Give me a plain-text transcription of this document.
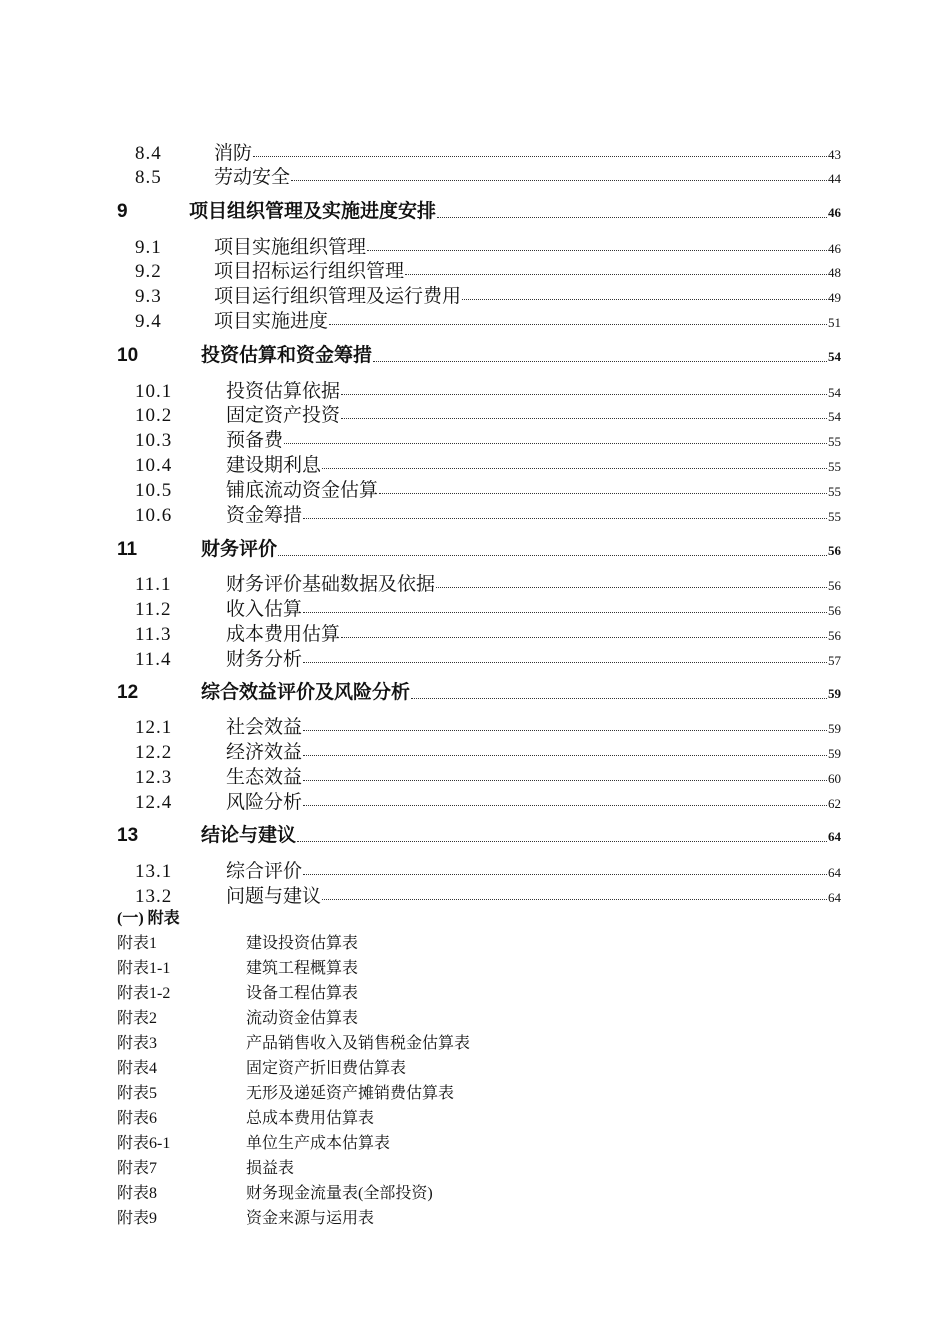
8.4	消防	43
8.5	劳动安全	44
9	项目组织管理及实施进度安排	46
9.1	项目实施组织管理	46
9.2	项目招标运行组织管理	48
9.3	项目运行组织管理及运行费用	49
9.4	项目实施进度	51
10	投资估算和资金筹措	54
10.1	投资估算依据	54
10.2	固定资产投资	54
10.3	预备费	55
10.4	建设期利息	55
10.5	铺底流动资金估算	55
10.6	资金筹措	55
11	财务评价	56
11.1	财务评价基础数据及依据	56
11.2	收入估算	56
11.3	成本费用估算	56
11.4	财务分析	57
12	综合效益评价及风险分析	59
12.1	社会效益	59
12.2	经济效益	59
12.3	生态效益	60
12.4	风险分析	62
13	结论与建议	64
13.1	综合评价	64
13.2	问题与建议	64
(一) 附表
附表1	建设投资估算表
附表1-1	建筑工程概算表
附表1-2	设备工程估算表
附表2	流动资金估算表
附表3	产品销售收入及销售税金估算表
附表4	固定资产折旧费估算表
附表5	无形及递延资产摊销费估算表
附表6	总成本费用估算表
附表6-1	单位生产成本估算表
附表7	损益表
附表8	财务现金流量表(全部投资)
附表9	资金来源与运用表
